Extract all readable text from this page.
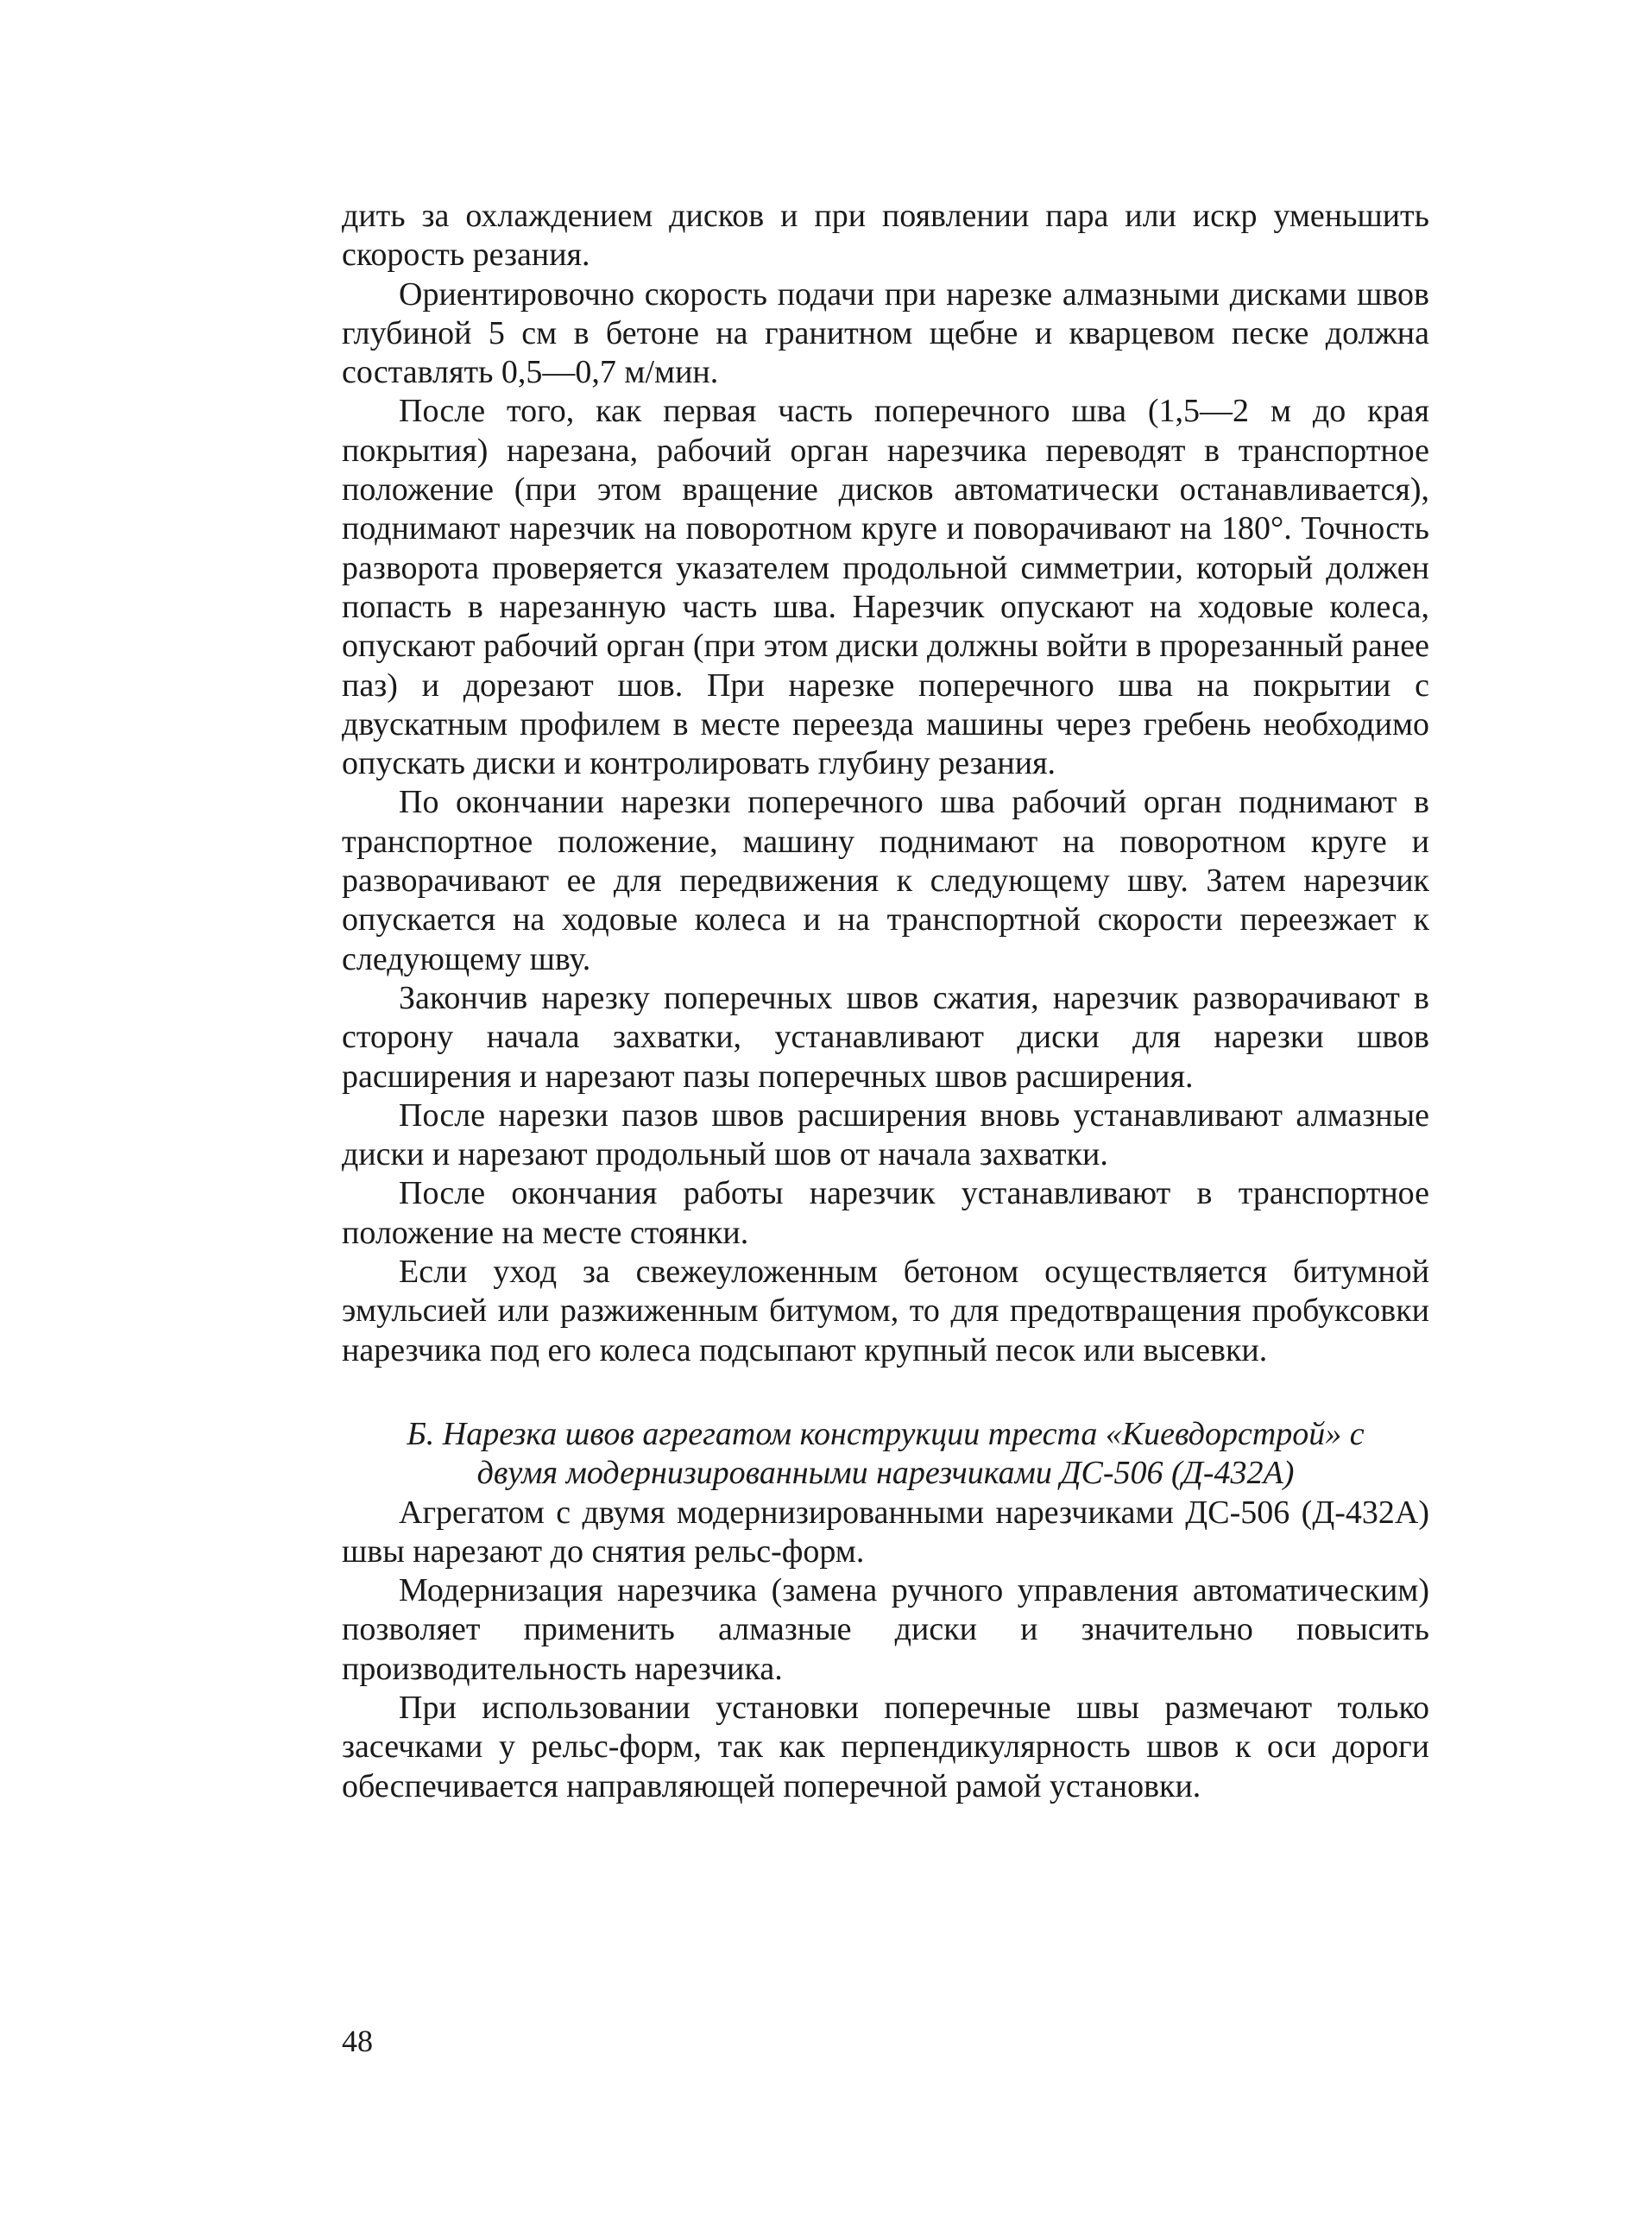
дить за охлаждением дисков и при появлении пара или искр уменьшить скорость резания.

Ориентировочно скорость подачи при нарезке алмазными дисками швов глубиной 5 см в бетоне на гранитном щебне и кварцевом песке должна составлять 0,5—0,7 м/мин.

После того, как первая часть поперечного шва (1,5—2 м до края покрытия) нарезана, рабочий орган нарезчика переводят в транспортное положение (при этом вращение дисков автоматически останавливается), поднимают нарезчик на поворотном круге и поворачивают на 180°. Точность разворота проверяется указателем продольной симметрии, который должен попасть в нарезанную часть шва. Нарезчик опускают на ходовые колеса, опускают рабочий орган (при этом диски должны войти в прорезанный ранее паз) и дорезают шов. При нарезке поперечного шва на покрытии с двускатным профилем в месте переезда машины через гребень необходимо опускать диски и контролировать глубину резания.

По окончании нарезки поперечного шва рабочий орган поднимают в транспортное положение, машину поднимают на поворотном круге и разворачивают ее для передвижения к следующему шву. Затем нарезчик опускается на ходовые колеса и на транспортной скорости переезжает к следующему шву.

Закончив нарезку поперечных швов сжатия, нарезчик разворачивают в сторону начала захватки, устанавливают диски для нарезки швов расширения и нарезают пазы поперечных швов расширения.

После нарезки пазов швов расширения вновь устанавливают алмазные диски и нарезают продольный шов от начала захватки.

После окончания работы нарезчик устанавливают в транспортное положение на месте стоянки.

Если уход за свежеуложенным бетоном осуществляется битумной эмульсией или разжиженным битумом, то для предотвращения пробуксовки нарезчика под его колеса подсыпают крупный песок или высевки.

Б. Нарезка швов агрегатом конструкции треста «Киевдорстрой» с двумя модернизированными нарезчиками ДС-506 (Д-432А)

Агрегатом с двумя модернизированными нарезчиками ДС-506 (Д-432А) швы нарезают до снятия рельс-форм.

Модернизация нарезчика (замена ручного управления автоматическим) позволяет применить алмазные диски и значительно повысить производительность нарезчика.

При использовании установки поперечные швы размечают только засечками у рельс-форм, так как перпендикулярность швов к оси дороги обеспечивается направляющей поперечной рамой установки.

48
